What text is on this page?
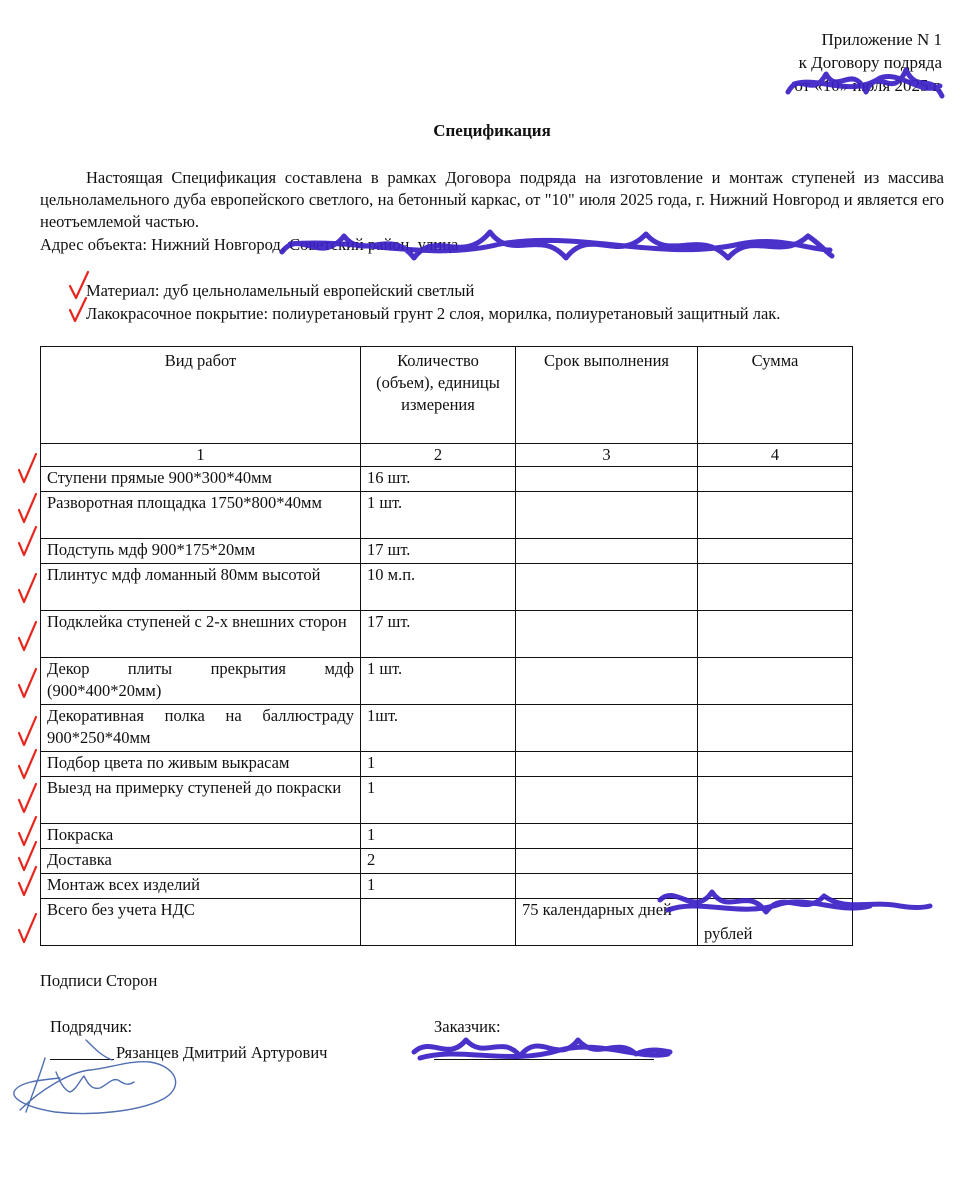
Приложение N 1
к Договору подряда
от «10» июля 2025 г.
Спецификация
Настоящая Спецификация составлена в рамках Договора подряда на изготовление и монтаж ступеней из массива цельноламельного дуба европейского светлого, на бетонный каркас, от "10" июля 2025 года, г. Нижний Новгород и является его неотъемлемой частью.
Адрес объекта: Нижний Новгород, Советский район, улица
Материал: дуб цельноламельный европейский светлый
Лакокрасочное покрытие: полиуретановый грунт 2 слоя, морилка, полиуретановый защитный лак.
Вид работ	Количество (объем), единицы измерения	Срок выполнения	Сумма
1	2	3	4
Ступени прямые 900*300*40мм	16 шт.		
Разворотная площадка 1750*800*40мм	1 шт.		
Подступь мдф 900*175*20мм	17 шт.		
Плинтус мдф ломанный 80мм высотой	10 м.п.		
Подклейка ступеней с 2-х внешних сторон	17 шт.		
Декор плиты прекрытия мдф (900*400*20мм)	1 шт.		
Декоративная полка на баллюстраду 900*250*40мм	1шт.		
Подбор цвета по живым выкрасам	1		
Выезд на примерку ступеней до покраски	1		
Покраска	1		
Доставка	2		
Монтаж всех изделий	1		
Всего без учета НДС		75 календарных дней	рублей
Подписи Сторон
Подрядчик:
Рязанцев Дмитрий Артурович
Заказчик:
